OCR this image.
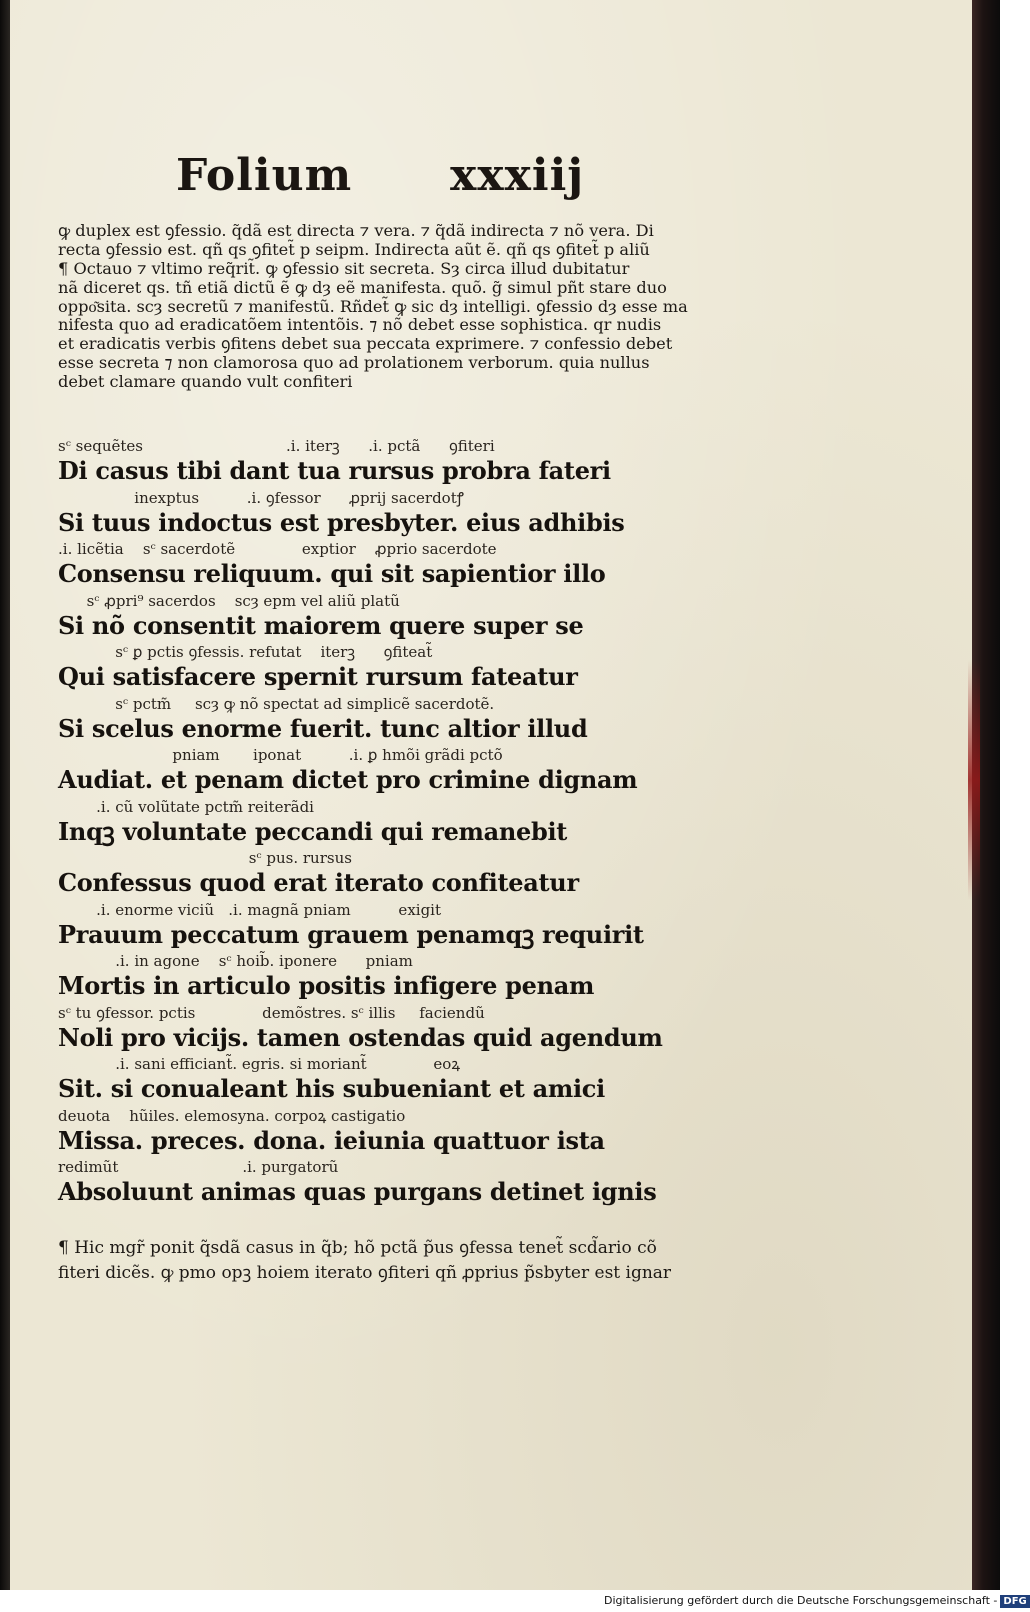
Folium xxxiij
ꝙ duplex est ꝯfessio. q̃dã est directa ⁊ vera. ⁊ q̃dã indirecta ⁊ nõ vera. Di
recta ꝯfessio est. qñ qs ꝯfitet̃ p seipm. Indirecta aũt ẽ. qñ qs ꝯfitet̃ p aliũ
¶ Octauo ⁊ vltimo req̃rit̃. ꝙ ꝯfessio sit secreta. Sȝ circa illud dubitatur
nã diceret qs. tñ etiã dictũ ẽ ꝙ dȝ eẽ manifesta. quõ. g̃ simul pñt stare duo
oppo͂sita. scȝ secretũ ⁊ manifestũ. Rñdet̃ ꝙ sic dȝ intelligi. ꝯfessio dȝ esse ma
nifesta quo ad eradicatõem intentõis. ⁊ nõ debet esse sophistica. qr nudis
et eradicatis verbis ꝯfitens debet sua peccata exprimere. ⁊ confessio debet
esse secreta ⁊ non clamorosa quo ad prolationem verborum. quia nullus
debet clamare quando vult confiteri
sᶜ sequẽtes                              .i. iterꝫ      .i. pctã      ꝯfiteri
Di casus tibi dant tua rursus probra fateri
inexptus          .i. ꝯfessor      ꝓprij sacerdotꝭ
Si tuus indoctus est presbyter. eius adhibis
.i. licẽtia    sᶜ sacerdotẽ              exptior    ꝓprio sacerdote
Consensu reliquum. qui sit sapientior illo
sᶜ ꝓpri⁹ sacerdos    scȝ epm vel aliũ platũ
Si nõ consentit maiorem quere super se
sᶜ ꝑ pctis ꝯfessis. refutat    iterꝫ      ꝯfiteat̃
Qui satisfacere spernit rursum fateatur
sᶜ pctm̃     scȝ ꝙ nõ spectat ad simplicẽ sacerdotẽ.
Si scelus enorme fuerit. tunc altior illud
pniam       iponat          .i. ꝑ hmõi grãdi pctõ
Audiat. et penam dictet pro crimine dignam
.i. cũ volũtate pctm̃ reiterãdi
Inqꝫ voluntate peccandi qui remanebit
sᶜ pus. rursus
Confessus quod erat iterato confiteatur
.i. enorme viciũ   .i. magnã pniam          exigit
Prauum peccatum grauem penamqꝫ requirit
.i. in agone    sᶜ hoib̃. iponere      pniam
Mortis in articulo positis infigere penam
sᶜ tu ꝯfessor. pctis              demõstres. sᶜ illis     faciendũ
Noli pro vicijs. tamen ostendas quid agendum
.i. sani efficiant̃. egris. si moriant̃              eoꝝ
Sit. si conualeant his subueniant et amici
deuota    hũiles. elemosyna. corpoꝝ castigatio
Missa. preces. dona. ieiunia quattuor ista
redimũt                          .i. purgatorũ
Absoluunt animas quas purgans detinet ignis
¶ Hic mgr̃ ponit q̃sdã casus in q̃b; hõ pctã p̃us ꝯfessa tenet̃ scd̃ario cõ
fiteri dicẽs. ꝙ pmo opꝫ hoiem iterato ꝯfiteri qñ ꝓprius p̃sbyter est ignar
Digitalisierung gefördert durch die Deutsche Forschungsgemeinschaft - DFG
